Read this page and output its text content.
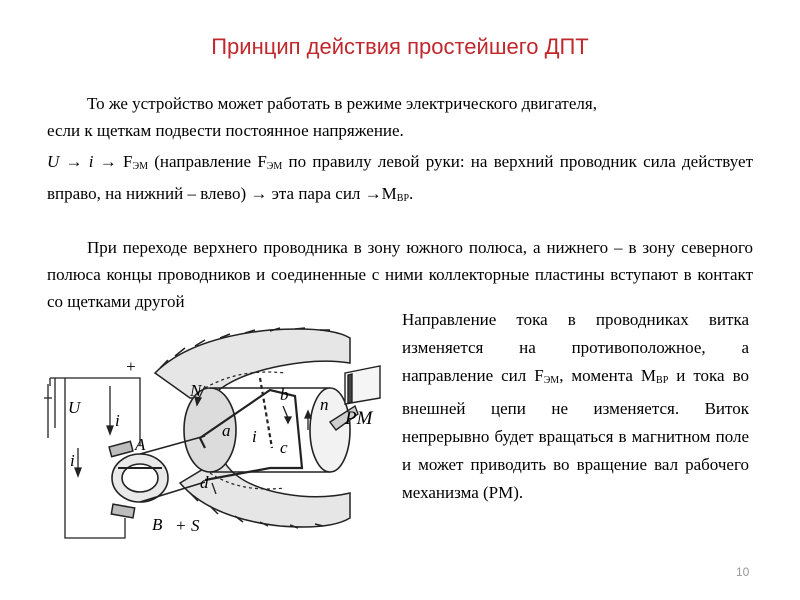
Принцип действия простейшего ДПТ
То же устройство может работать в режиме электрического двигателя,
если к щеткам подвести постоянное напряжение.
$U \to i \to F_{ЭМ}$ (направление $F_{ЭМ}$ по правилу левой руки: на верхний проводник сила действует вправо, на нижний – влево) → эта пара сил $\to M_{ВР}$.
При переходе верхнего проводника в зону южного полюса, а нижнего – в зону северного полюса концы проводников и соединенные с ними коллекторные пластины вступают в контакт со щетками другой
Направление тока в проводниках витка изменяется на противоположное, а направление сил $F_{ЭМ}$, момента $М_{ВР}$ и тока во внешней цепи не изменяется. Виток непрерывно будет вращаться в магнитном поле и может приводить во вращение вал рабочего механизма (РМ).
+
U
i
i
A
B + S
N
a
b
c
d
n
i
PM
10
